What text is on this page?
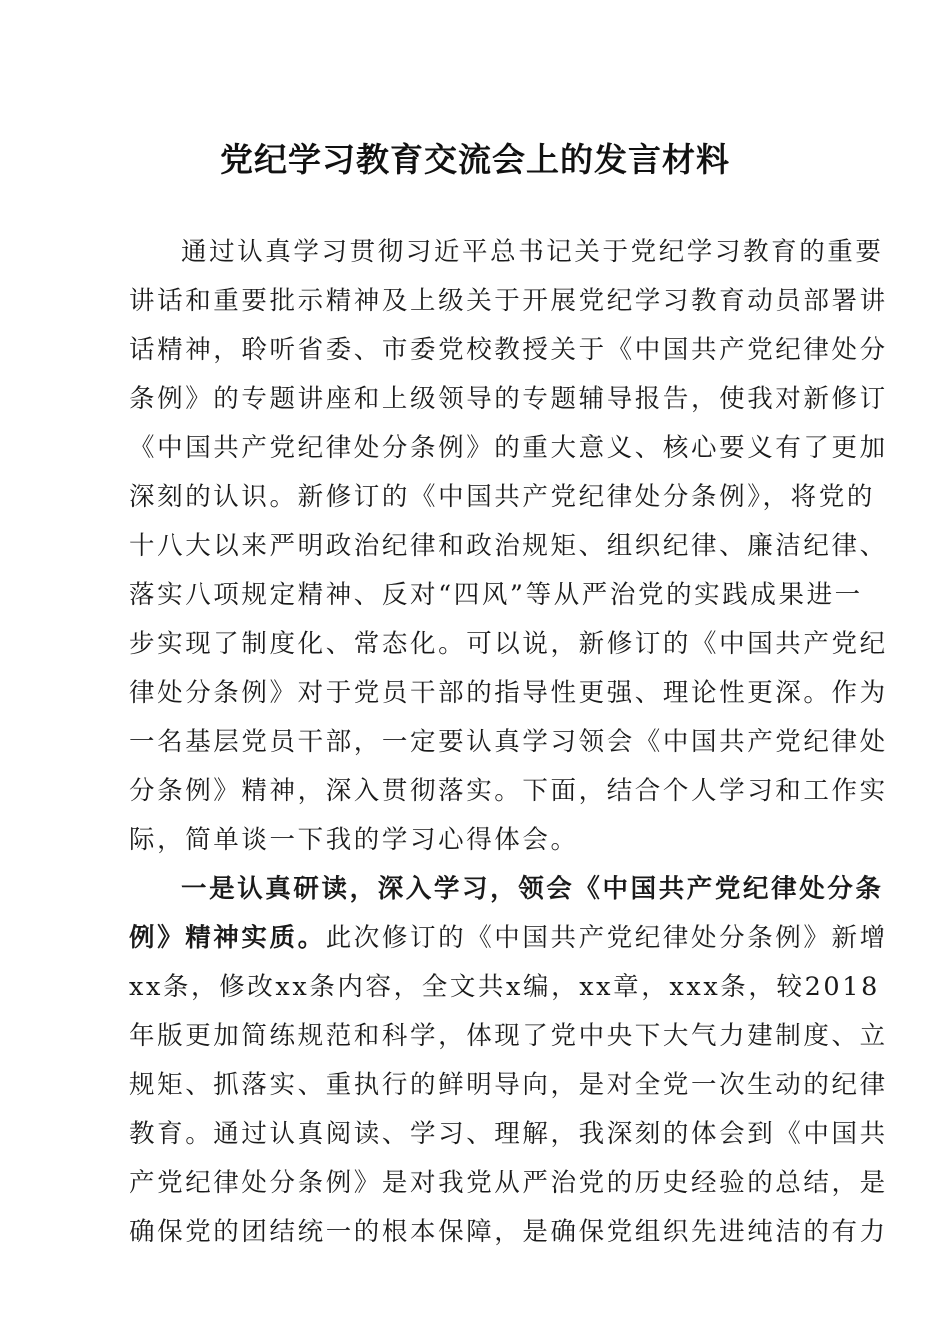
党纪学习教育交流会上的发言材料
通过认真学习贯彻习近平总书记关于党纪学习教育的重要
讲话和重要批示精神及上级关于开展党纪学习教育动员部署讲
话精神，聆听省委、市委党校教授关于《中国共产党纪律处分
条例》的专题讲座和上级领导的专题辅导报告，使我对新修订
《中国共产党纪律处分条例》的重大意义、核心要义有了更加
深刻的认识。新修订的《中国共产党纪律处分条例》，将党的
十八大以来严明政治纪律和政治规矩、组织纪律、廉洁纪律、
落实八项规定精神、反对“四风”等从严治党的实践成果进一
步实现了制度化、常态化。可以说，新修订的《中国共产党纪
律处分条例》对于党员干部的指导性更强、理论性更深。作为
一名基层党员干部，一定要认真学习领会《中国共产党纪律处
分条例》精神，深入贯彻落实。下面，结合个人学习和工作实
际，简单谈一下我的学习心得体会。
一是认真研读，深入学习，领会《中国共产党纪律处分条
例》精神实质。此次修订的《中国共产党纪律处分条例》新增
xx条，修改xx条内容，全文共x编，xx章，xxx条，较2018
年版更加简练规范和科学，体现了党中央下大气力建制度、立
规矩、抓落实、重执行的鲜明导向，是对全党一次生动的纪律
教育。通过认真阅读、学习、理解，我深刻的体会到《中国共
产党纪律处分条例》是对我党从严治党的历史经验的总结，是
确保党的团结统一的根本保障，是确保党组织先进纯洁的有力
